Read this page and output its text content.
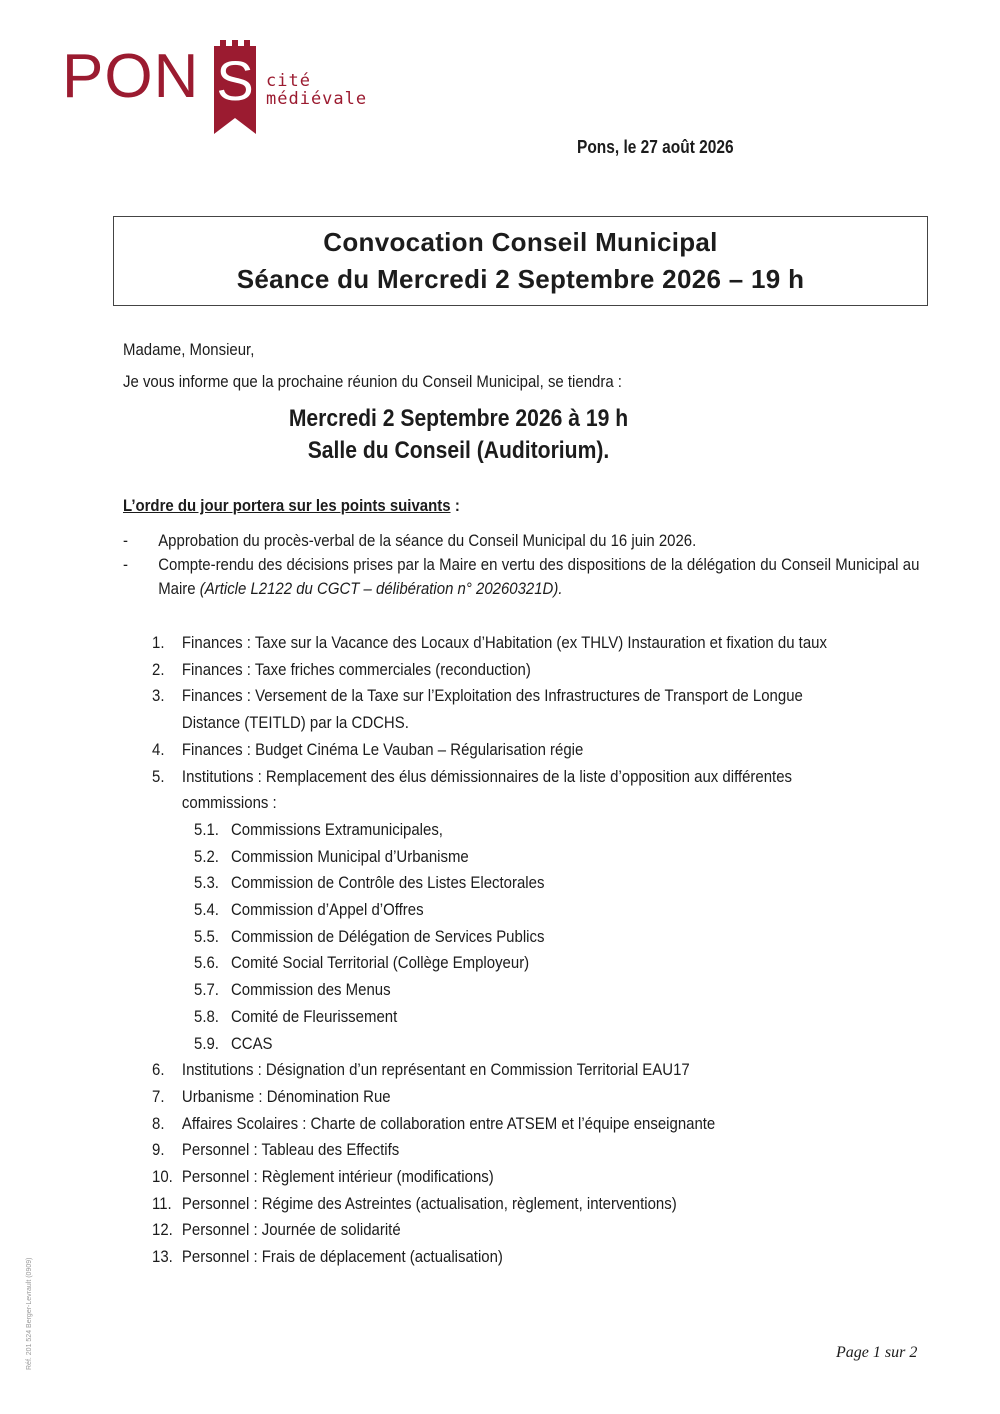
PON S cité
médiévale
Pons, le 27 août 2026
Convocation Conseil Municipal
Séance du Mercredi 2 Septembre 2026 – 19 h
Madame, Monsieur,
Je vous informe que la prochaine réunion du Conseil Municipal, se tiendra :
Mercredi 2 Septembre 2026 à 19 h
Salle du Conseil (Auditorium).
L’ordre du jour portera sur les points suivants :
- Approbation du procès-verbal de la séance du Conseil Municipal du 16 juin 2026.
- Compte-rendu des décisions prises par la Maire en vertu des dispositions de la délégation du Conseil Municipal au Maire (Article L2122 du CGCT – délibération n° 20260321D).
1. Finances : Taxe sur la Vacance des Locaux d’Habitation (ex THLV) Instauration et fixation du taux
2. Finances : Taxe friches commerciales (reconduction)
3. Finances : Versement de la Taxe sur l’Exploitation des Infrastructures de Transport de Longue
Distance (TEITLD) par la CDCHS.
4. Finances : Budget Cinéma Le Vauban – Régularisation régie
5. Institutions : Remplacement des élus démissionnaires de la liste d’opposition aux différentes
commissions :
5.1. Commissions Extramunicipales,
5.2. Commission Municipal d’Urbanisme
5.3. Commission de Contrôle des Listes Electorales
5.4. Commission d’Appel d’Offres
5.5. Commission de Délégation de Services Publics
5.6. Comité Social Territorial (Collège Employeur)
5.7. Commission des Menus
5.8. Comité de Fleurissement
5.9. CCAS
6. Institutions : Désignation d’un représentant en Commission Territorial EAU17
7. Urbanisme : Dénomination Rue
8. Affaires Scolaires : Charte de collaboration entre ATSEM et l’équipe enseignante
9. Personnel : Tableau des Effectifs
10. Personnel : Règlement intérieur (modifications)
11. Personnel : Régime des Astreintes (actualisation, règlement, interventions)
12. Personnel : Journée de solidarité
13. Personnel : Frais de déplacement (actualisation)
Réf. 201 524 Berger-Levrault (0909)	Page 1 sur 2
